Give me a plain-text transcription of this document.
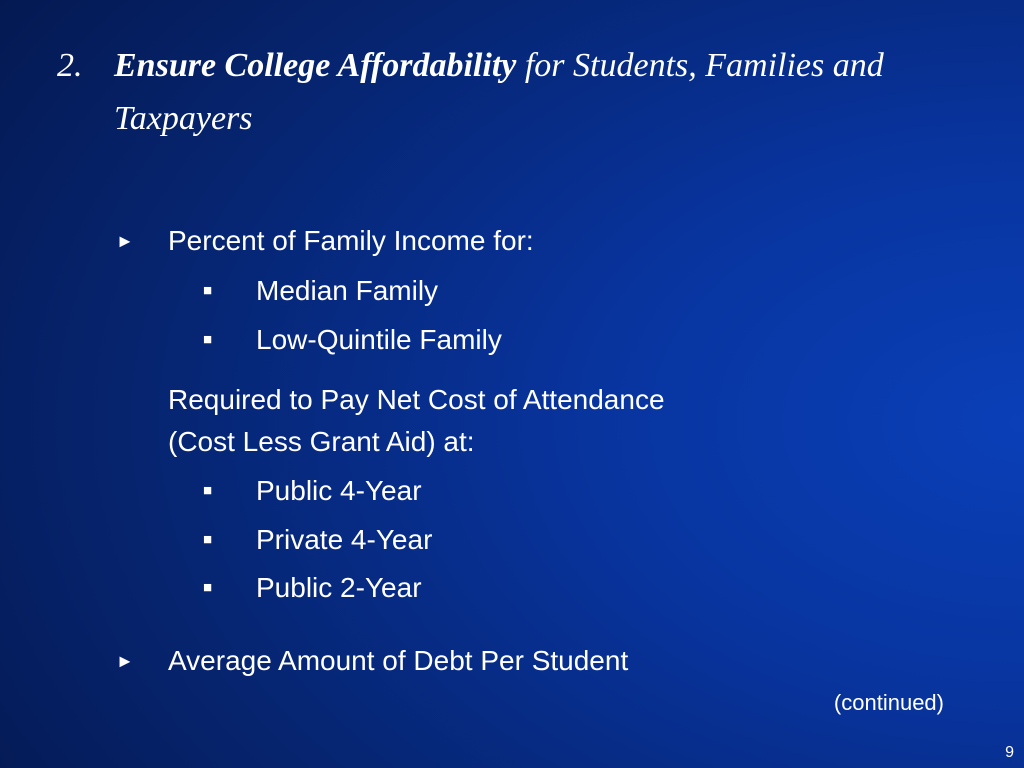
2. Ensure College Affordability for Students, Families and Taxpayers
► Percent of Family Income for:
■ Median Family
■ Low-Quintile Family
Required to Pay Net Cost of Attendance
(Cost Less Grant Aid) at:
■ Public 4-Year
■ Private 4-Year
■ Public 2-Year
► Average Amount of Debt Per Student
(continued)
9
